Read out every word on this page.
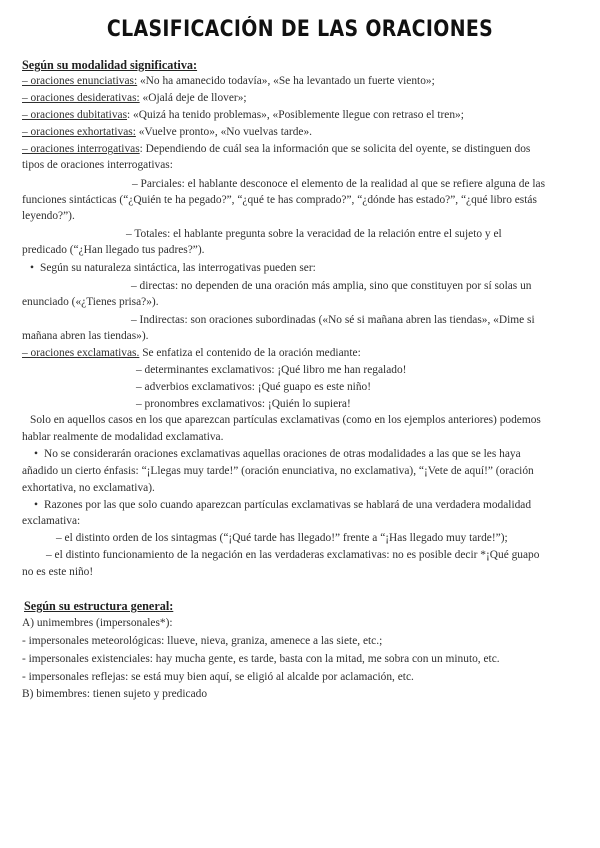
CLASIFICACIÓN DE LAS ORACIONES
Según su modalidad significativa:
– oraciones enunciativas: «No ha amanecido todavía», «Se ha levantado un fuerte viento»;
– oraciones desiderativas: «Ojalá deje de llover»;
– oraciones dubitativas: «Quizá ha tenido problemas», «Posiblemente llegue con retraso el tren»;
– oraciones exhortativas: «Vuelve pronto», «No vuelvas tarde».
– oraciones interrogativas: Dependiendo de cuál sea la información que se solicita del oyente, se distinguen dos
tipos de oraciones interrogativas:
– Parciales: el hablante desconoce el elemento de la realidad al que se refiere alguna de las
funciones sintácticas (“¿Quién te ha pegado?”, “¿qué te has comprado?”, “¿dónde has estado?”, “¿qué libro estás
leyendo?”).
– Totales: el hablante pregunta sobre la veracidad de la relación entre el sujeto y el
predicado (“¿Han llegado tus padres?”).
• Según su naturaleza sintáctica, las interrogativas pueden ser:
– directas: no dependen de una oración más amplia, sino que constituyen por sí solas un
enunciado («¿Tienes prisa?»).
– Indirectas: son oraciones subordinadas («No sé si mañana abren las tiendas», «Dime si
mañana abren las tiendas»).
– oraciones exclamativas. Se enfatiza el contenido de la oración mediante:
– determinantes exclamativos: ¡Qué libro me han regalado!
– adverbios exclamativos: ¡Qué guapo es este niño!
– pronombres exclamativos: ¡Quién lo supiera!
Solo en aquellos casos en los que aparezcan partículas exclamativas (como en los ejemplos anteriores) podemos
hablar realmente de modalidad exclamativa.
• No se considerarán oraciones exclamativas aquellas oraciones de otras modalidades a las que se les haya
añadido un cierto énfasis: “¡Llegas muy tarde!” (oración enunciativa, no exclamativa), “¡Vete de aquí!” (oración
exhortativa, no exclamativa).
• Razones por las que solo cuando aparezcan partículas exclamativas se hablará de una verdadera modalidad
exclamativa:
– el distinto orden de los sintagmas (“¡Qué tarde has llegado!” frente a “¡Has llegado muy tarde!”);
– el distinto funcionamiento de la negación en las verdaderas exclamativas: no es posible decir *¡Qué guapo
no es este niño!
Según su estructura general:
A) unimembres (impersonales*):
- impersonales meteorológicas: llueve, nieva, graniza, amenece a las siete, etc.;
- impersonales existenciales: hay mucha gente, es tarde, basta con la mitad, me sobra con un minuto, etc.
- impersonales reflejas: se está muy bien aquí, se eligió al alcalde por aclamación, etc.
B) bimembres: tienen sujeto y predicado
